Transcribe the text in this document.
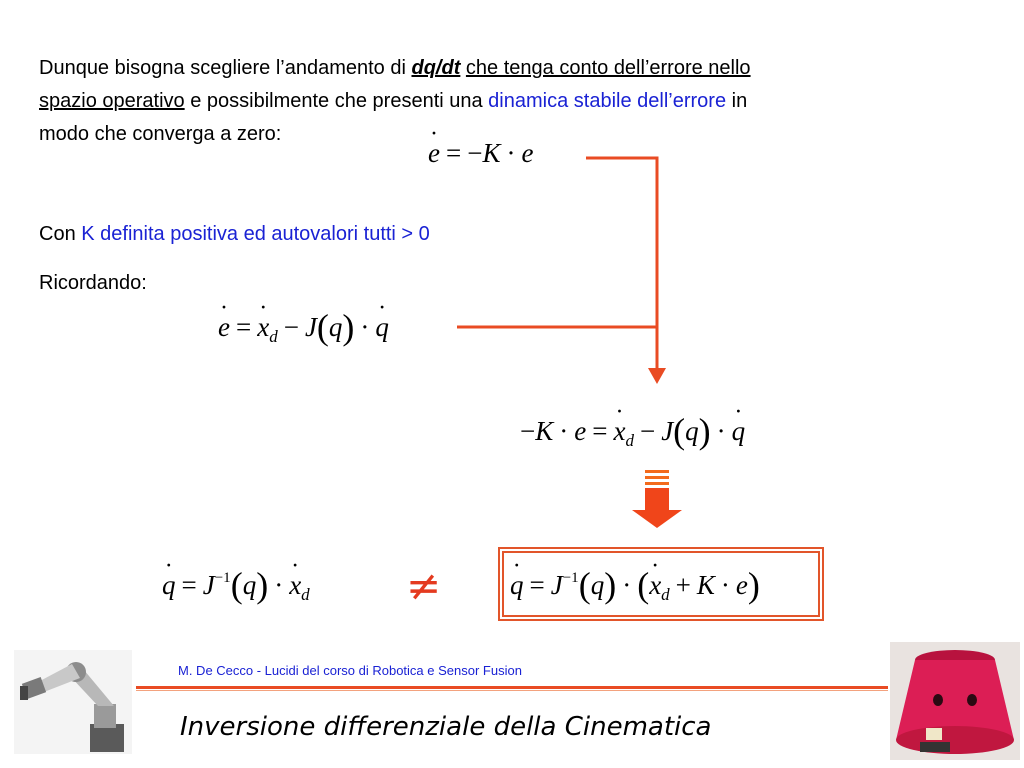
Dunque bisogna scegliere l’andamento di dq/dt che tenga conto dell’errore nello
spazio operativo e possibilmente che presenti una dinamica stabile dell’errore in
modo che converga a zero:
Con K definita positiva ed autovalori tutti > 0
Ricordando:
e · = −K · e
e · = $x \cdot_d - J(q) \cdot q$ ·
$-K \cdot e = x \cdot_d - J(q) \cdot q$ ·
q · = $J^{-1}(q) \cdot x \cdot_d$ ≠	q · = $J^{-1}(q) \cdot (x \cdot_d + K \cdot e)$
M. De Cecco - Lucidi del corso di Robotica e Sensor Fusion
Inversione differenziale della Cinematica
